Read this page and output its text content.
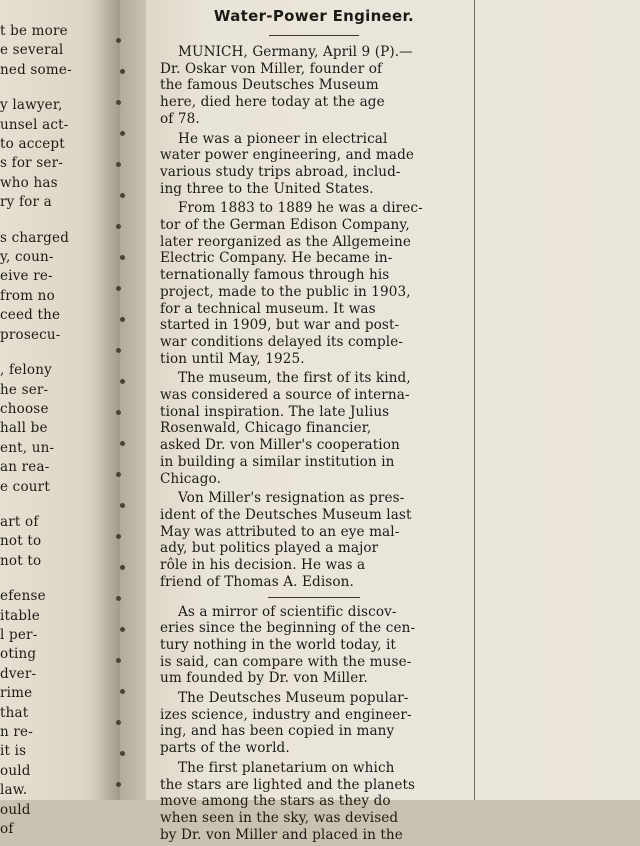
t be more
e several
ned some-
y lawyer,
unsel act-
to accept
s for ser-
who has
ry for a
s charged
y, coun-
eive re-
from no
ceed the
prosecu-
, felony
he ser-
choose
hall be
ent, un-
an rea-
e court
art of
not to
not to
efense
itable
l per-
oting
dver-
rime
that
n re-
it is
ould
law.
ould
of
Water-Power Engineer.
MUNICH, Germany, April 9 (P).—
Dr. Oskar von Miller, founder of
the famous Deutsches Museum
here, died here today at the age
of 78.
He was a pioneer in electrical
water power engineering, and made
various study trips abroad, includ-
ing three to the United States.
From 1883 to 1889 he was a direc-
tor of the German Edison Company,
later reorganized as the Allgemeine
Electric Company. He became in-
ternationally famous through his
project, made to the public in 1903,
for a technical museum. It was
started in 1909, but war and post-
war conditions delayed its comple-
tion until May, 1925.
The museum, the first of its kind,
was considered a source of interna-
tional inspiration. The late Julius
Rosenwald, Chicago financier,
asked Dr. von Miller's cooperation
in building a similar institution in
Chicago.
Von Miller's resignation as pres-
ident of the Deutsches Museum last
May was attributed to an eye mal-
ady, but politics played a major
rôle in his decision. He was a
friend of Thomas A. Edison.
As a mirror of scientific discov-
eries since the beginning of the cen-
tury nothing in the world today, it
is said, can compare with the muse-
um founded by Dr. von Miller.
The Deutsches Museum popular-
izes science, industry and engineer-
ing, and has been copied in many
parts of the world.
The first planetarium on which
the stars are lighted and the planets
move among the stars as they do
when seen in the sky, was devised
by Dr. von Miller and placed in the
